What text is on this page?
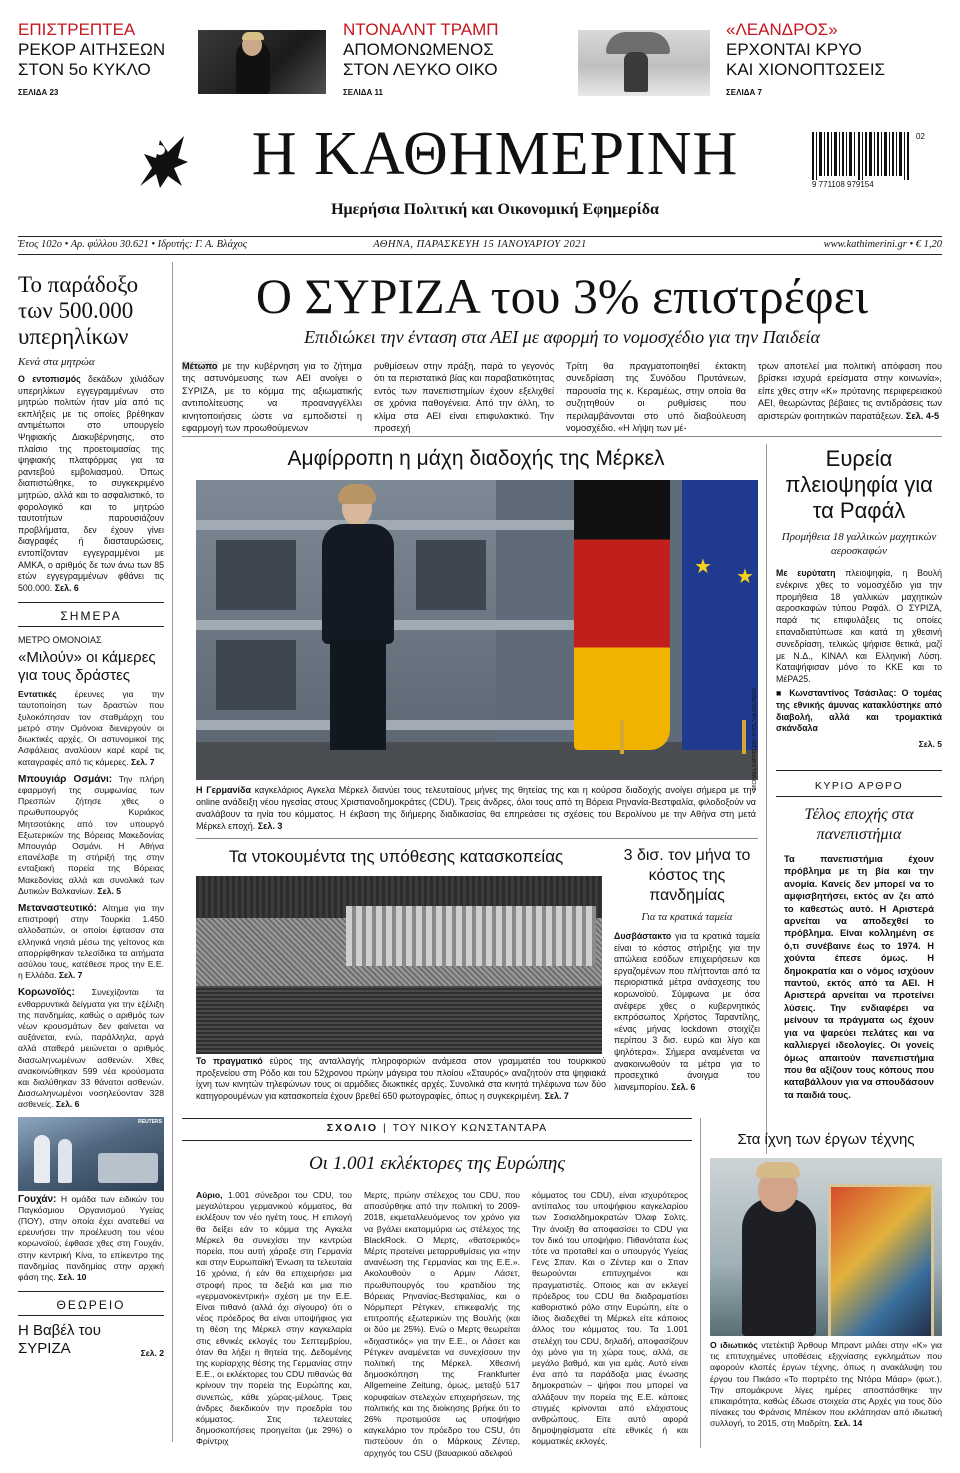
ΕΠΙΣΤΡΕΠΤΕΑ
ΡΕΚΟΡ ΑΙΤΗΣΕΩΝ
ΣΤΟΝ 5ο ΚΥΚΛΟ
ΣΕΛΙΔΑ 23
ΝΤΟΝΑΛΝΤ ΤΡΑΜΠ
ΑΠΟΜΟΝΩΜΕΝΟΣ
ΣΤΟΝ ΛΕΥΚΟ ΟΙΚΟ
ΣΕΛΙΔΑ 11
«ΛΕΑΝΔΡΟΣ»
ΕΡΧΟΝΤΑΙ ΚΡΥΟ
ΚΑΙ ΧΙΟΝΟΠΤΩΣΕΙΣ
ΣΕΛΙΔΑ 7
Η ΚΑΘΗΜΕΡΙΝΗ
Ημερήσια Πολιτική και Οικονομική Εφημερίδα
02
9 771108 979154
Έτος 102ο • Αρ. φύλλου 30.621 • Ιδρυτής: Γ. Α. Βλάχος	ΑΘΗΝΑ, ΠΑΡΑΣΚΕΥΗ 15 ΙΑΝΟΥΑΡΙΟΥ 2021	www.kathimerini.gr • € 1,20
Το παράδοξο των 500.000 υπερηλίκων
Κενά στα μητρώα
Ο εντοπισμός δεκάδων χιλιάδων υπερηλίκων εγγεγραμμένων στο μητρώο πολιτών ήταν μία από τις εκπλήξεις με τις οποίες βρέθηκαν αντιμέτωποι στο υπουργείο Ψηφιακής Διακυβέρνησης, στο πλαίσιο της προετοιμασίας της ψηφιακής πλατφόρμας για τα ραντεβού εμβολιασμού. Όπως διαπιστώθηκε, το συγκεκριμένο μητρώο, αλλά και το ασφαλιστικό, το φορολογικό και το μητρώο ταυτοτήτων παρουσιάζουν προβλήματα, δεν έχουν γίνει διαγραφές ή διασταυρώσεις, εντοπίζονταν εγγεγραμμένοι με ΑΜΚΑ, ο αριθμός δε των άνω των 85 ετών εγγεγραμμένων φθάνει τις 500.000. Σελ. 6
ΣΗΜΕΡΑ
ΜΕΤΡΟ ΟΜΟΝΟΙΑΣ
«Μιλούν» οι κάμερες για τους δράστες
Εντατικές έρευνες για την ταυτοποίηση των δραστών που ξυλοκόπησαν τον σταθμάρχη του μετρό στην Ομόνοια διενεργούν οι διωκτικές αρχές. Οι αστυνομικοί της Ασφάλειας αναλύουν καρέ καρέ τις καταγραφές από τις κάμερες. Σελ. 7
Μπουγιάρ Οσμάνι: Την πλήρη εφαρμογή της συμφωνίας των Πρεσπών ζήτησε χθες ο πρωθυπουργός Κυριάκος Μητσοτάκης από τον υπουργό Εξωτερικών της Βόρειας Μακεδονίας Μπουγιάρ Οσμάνι. Η Αθήνα επανέλαβε τη στήριξή της στην ενταξιακή πορεία της Βόρειας Μακεδονίας αλλά και συνολικά των Δυτικών Βαλκανίων. Σελ. 5
Μεταναστευτικό: Αίτημα για την επιστροφή στην Τουρκία 1.450 αλλοδαπών, οι οποίοι έφτασαν στα ελληνικά νησιά μέσω της γείτονος και απορρίφθηκαν τελεσίδικα τα αιτήματα ασύλου τους, κατέθεσε προς την Ε.Ε. η Ελλάδα. Σελ. 7
Κορωνοϊός: Συνεχίζονται τα ενθαρρυντικά δείγματα για την εξέλιξη της πανδημίας, καθώς ο αριθμός των νέων κρουσμάτων δεν φαίνεται να αυξάνεται, ενώ, παράλληλα, αργά αλλά σταθερά μειώνεται ο αριθμός διασωληνωμένων ασθενών. Χθες ανακοινώθηκαν 599 νέα κρούσματα και διαλύθηκαν 33 θάνατοι ασθενών. Διασωληνωμένοι νοσηλεύονταν 328 ασθενείς. Σελ. 6
REUTERS
Γουχάν: Η ομάδα των ειδικών του Παγκόσμιου Οργανισμού Υγείας (ΠΟΥ), στην οποία έχει ανατεθεί να ερευνήσει την προέλευση του νέου κορωνοϊού, έφθασε χθες στη Γουχάν, στην κεντρική Κίνα, το επίκεντρο της πανδημίας πανδημίας στην αρχική φάση της. Σελ. 10
ΘΕΩΡΕΙΟ
Η Βαβέλ του ΣΥΡΙΖΑ	Σελ. 2
Ο ΣΥΡΙΖΑ του 3% επιστρέφει
Επιδιώκει την ένταση στα ΑΕΙ με αφορμή το νομοσχέδιο για την Παιδεία
Μέτωπο με την κυβέρνηση για το ζήτημα της αστυνόμευσης των ΑΕΙ ανοίγει ο ΣΥΡΙΖΑ, με το κόμμα της αξιωματικής αντιπολίτευσης να προαναγγέλλει κινητοποιήσεις ώστε να εμποδιστεί η εφαρμογή των προωθούμενων
ρυθμίσεων στην πράξη, παρά το γεγονός ότι τα περιστατικά βίας και παραβατικότητας εντός των πανεπιστημίων έχουν εξελιχθεί σε χρόνια παθογένεια. Από την άλλη, το κλίμα στα ΑΕΙ είναι επιφυλακτικό. Την προσεχή
Τρίτη θα πραγματοποιηθεί έκτακτη συνεδρίαση της Συνόδου Πρυτάνεων, παρουσία της κ. Κεραμέως, στην οποία θα συζητηθούν οι ρυθμίσεις που περιλαμβάνονται στο υπό διαβούλευση νομοσχέδιο. «Η λήψη των μέ-
τρων αποτελεί μια πολιτική απόφαση που βρίσκει ισχυρά ερείσματα στην κοινωνία», είπε χθες στην «Κ» πρύτανης περιφερειακού ΑΕΙ, θεωρώντας βέβαιες τις αντιδράσεις των αριστερών φοιτητικών παρατάξεων. Σελ. 4-5
Αμφίρροπη η μάχη διαδοχής της Μέρκελ
★ ★
Η Γερμανίδα καγκελάριος Αγκελα Μέρκελ διανύει τους τελευταίους μήνες της θητείας της και η κούρσα διαδοχής ανοίγει σήμερα με την online ανάδειξη νέου ηγεσίας στους Χριστιανοδημοκράτες (CDU). Τρεις άνδρες, όλοι τους από τη Βόρεια Ρηνανία-Βεστφαλία, φιλοδοξούν να αναλάβουν τα ηνία του κόμματος. Η έκβαση της διήμερης διαδικασίας θα επηρεάσει τις σχέσεις του Βερολίνου με την Αθήνα στη μετά Μέρκελ εποχή. Σελ. 3
Ευρεία πλειοψηφία για τα Ραφάλ
Προμήθεια 18 γαλλικών μαχητικών αεροσκαφών
Με ευρύτατη πλειοψηφία, η Βουλή ενέκρινε χθες το νομοσχέδιο για την προμήθεια 18 γαλλικών μαχητικών αεροσκαφών τύπου Ραφάλ. Ο ΣΥΡΙΖΑ, παρά τις επιφυλάξεις τις οποίες επαναδιατύπωσε και κατά τη χθεσινή συνεδρίαση, τελικώς ψήφισε θετικά, μαζί με Ν.Δ., ΚΙΝΑΛ και Ελληνική Λύση. Καταψήφισαν μόνο το ΚΚΕ και το ΜέΡΑ25.
■ Κωνσταντίνος Τσάσιλας: Ο τομέας της εθνικής άμυνας κατακλύστηκε από διαβολή, αλλά και τρομακτικά σκάνδαλα
Σελ. 5
ΚΥΡΙΟ ΑΡΘΡΟ
Τέλος εποχής στα πανεπιστήμια
Τα πανεπιστήμια έχουν πρόβλημα με τη βία και την ανομία. Κανείς δεν μπορεί να το αμφισβητήσει, εκτός αν ζει από το καθεστώς αυτό. Η Αριστερά αρνείται να αποδεχθεί το πρόβλημα. Είναι κολλημένη σε ό,τι συνέβαινε έως το 1974. Η χούντα έπεσε όμως. Η δημοκρατία και ο νόμος ισχύουν παντού, εκτός από τα ΑΕΙ. Η Αριστερά αρνείται να προτείνει λύσεις. Την ενδιαφέρει να μείνουν τα πράγματα ως έχουν για να ψαρεύει πελάτες και να καλλιεργεί ιδεολογίες. Οι γονείς όμως απαιτούν πανεπιστήμια που θα αξίζουν τους κόπους που καταβάλλουν για να σπουδάσουν τα παιδιά τους.
Τα ντοκουμέντα της υπόθεσης κατασκοπείας
Το πραγματικό εύρος της ανταλλαγής πληροφοριών ανάμεσα στον γραμματέα του τουρκικού προξενείου στη Ρόδο και του 52χρονου πρώην μάγειρα του πλοίου «Σταυρός» αναζητούν στα ψηφιακά ίχνη των κινητών τηλεφώνων τους οι αρμόδιες διωκτικές αρχές. Συνολικά στα κινητά τηλέφωνα των δύο κατηγορουμένων για κατασκοπεία έχουν βρεθεί 650 φωτογραφίες, όπως η συγκεκριμένη. Σελ. 7
3 δισ. τον μήνα το κόστος της πανδημίας
Για τα κρατικά ταμεία
Δυσβάστακτο για τα κρατικά ταμεία είναι το κόστος στήριξης για την απώλεια εσόδων επιχειρήσεων και εργαζομένων που πλήττονται από τα περιοριστικά μέτρα ανάσχεσης του κορωνοϊού. Σύμφωνα με όσα ανέφερε χθες ο κυβερνητικός εκπρόσωπος Χρήστος Ταραντίλης, «ένας μήνας lockdown στοιχίζει περίπου 3 δισ. ευρώ και λίγο και ψηλότερα». Σήμερα αναμένεται να ανακοινωθούν τα μέτρα για το προσεχτικό άνοιγμα του λιανεμπορίου. Σελ. 6
ΣΧΟΛΙΟ | ΤΟΥ ΝΙΚΟΥ ΚΩΝΣΤΑΝΤΑΡΑ
Οι 1.001 εκλέκτορες της Ευρώπης
Αύριο, 1.001 σύνεδροι του CDU, του μεγαλύτερου γερμανικού κόμματος, θα εκλέξουν τον νέο ηγέτη τους. Η επιλογή θα δείξει εάν το κόμμα της Αγκελα Μέρκελ θα συνεχίσει την κεντρώα πορεία, που αυτή χάραξε στη Γερμανία και στην Ευρωπαϊκή Ένωση τα τελευταία 16 χρόνια, ή εάν θα επιχειρήσει μια στροφή προς τα δεξιά και μια πιο «γερμανοκεντρική» σχέση με την Ε.Ε. Είναι πιθανό (αλλά όχι σίγουρο) ότι ο νέος πρόεδρος θα είναι υποψήφιος για τη θέση της Μέρκελ στην καγκελαρία στις εθνικές εκλογές του Σεπτεμβρίου, όταν θα λήξει η θητεία της. Δεδομένης της κυρίαρχης θέσης της Γερμανίας στην Ε.Ε., οι εκλέκτορες του CDU πιθανώς θα κρίνουν την πορεία της Ευρώπης και, συνεπώς, κάθε χώρας-μέλους. Τρεις άνδρες διεκδικούν την προεδρία του κόμματος. Στις τελευταίες δημοσκοπήσεις προηγείται (με 29%) ο Φρίντριχ
Μερτς, πρώην στέλεχος του CDU, που αποσύρθηκε από την πολιτική το 2009-2018, εκμεταλλευόμενος τον χρόνο για να βγάλει εκατομμύρια ως στέλεχος της BlackRock. Ο Μερτς, «θατσερικός» Μέρτς προτείνει μεταρρυθμίσεις για «την ανανέωση της Γερμανίας και της Ε.Ε.». Ακολουθούν ο Αρμιν Λάσετ, πρωθυπουργός του κρατιδίου της Βόρειας Ρηνανίας-Βεστφαλίας, και ο Νόρμπερτ Ρέτγκεν, επικεφαλής της επιτροπής εξωτερικών της Βουλής (και οι δύο με 25%). Ενώ ο Μερτς θεωρείται «διχαστικός» για την Ε.Ε., οι Λάσετ και Ρέτγκεν αναμένεται να συνεχίσουν την πολιτική της Μέρκελ. Χθεσινή δημοσκόπηση της Frankfurter Allgemeine Zeitung, όμως, μεταξύ 517 κορυφαίων στελεχών επιχειρήσεων, της πολιτικής και της διοίκησης βρήκε ότι το 26% προτιμούσε ως υποψήφιο καγκελάριο τον πρόεδρο του CSU, ότι πιστεύουν ότι ο Μάρκους Ζέντερ, αρχηγός του CSU (βαυαρικού αδελφού
κόμματος του CDU), είναι ισχυρότερος αντίπαλος του υποψήφιου καγκελαρίου των Σοσιαλδημοκρατών Όλαφ Σολτς. Την άνοιξη θα αποφασίσει το CDU για τον δικό του υποψήφιο. Πιθανότατα έως τότε να προταθεί και ο υπουργός Υγείας Γενς Σπαν. Και ο Ζέντερ και ο Σπαν θεωρούνται επιτυχημένοι και πραγματιστές. Οποιος και αν εκλεγεί πρόεδρος του CDU θα διαδραματίσει καθοριστικό ρόλο στην Ευρώπη, είτε ο ίδιος διαδεχθεί τη Μέρκελ είτε κάποιος άλλος του κόμματος του. Τα 1.001 στελέχη του CDU, δηλαδή, αποφασίζουν όχι μόνο για τη χώρα τους, αλλά, σε μεγάλο βαθμό, και για εμάς. Αυτό είναι ένα από τα παράδοξα μιας ένωσης δημοκρατιών – ψήφοι που μπορεί να αλλάξουν την πορεία της Ε.Ε. κάποιες στιγμές κρίνονται από ελάχιστους ανθρώπους. Είτε αυτό αφορά δημοψηφίσματα είτε εθνικές ή και κομματικές εκλογές.
Στα ίχνη των έργων τέχνης
Ο ιδιωτικός ντετέκτιβ Άρθουρ Μπραντ μιλάει στην «Κ» για τις επιτυχημένες υποθέσεις εξιχνίασης εγκλημάτων που αφορούν κλοπές έργων τέχνης, όπως η ανακάλυψη του έργου του Πικάσο «Το πορτρέτο της Ντόρα Μάαρ» (φωτ.). Την απομάκρυνε λίγες ημέρες αποσπάσθηκε την επικαιρότητα, καθώς έδωσε στοιχεία στις Αρχές για τους δύο πίνακες του Φράνσις Μπέικον που εκλάπησαν από ιδιωτική συλλογή, το 2015, στη Μαδρίτη. Σελ. 14
